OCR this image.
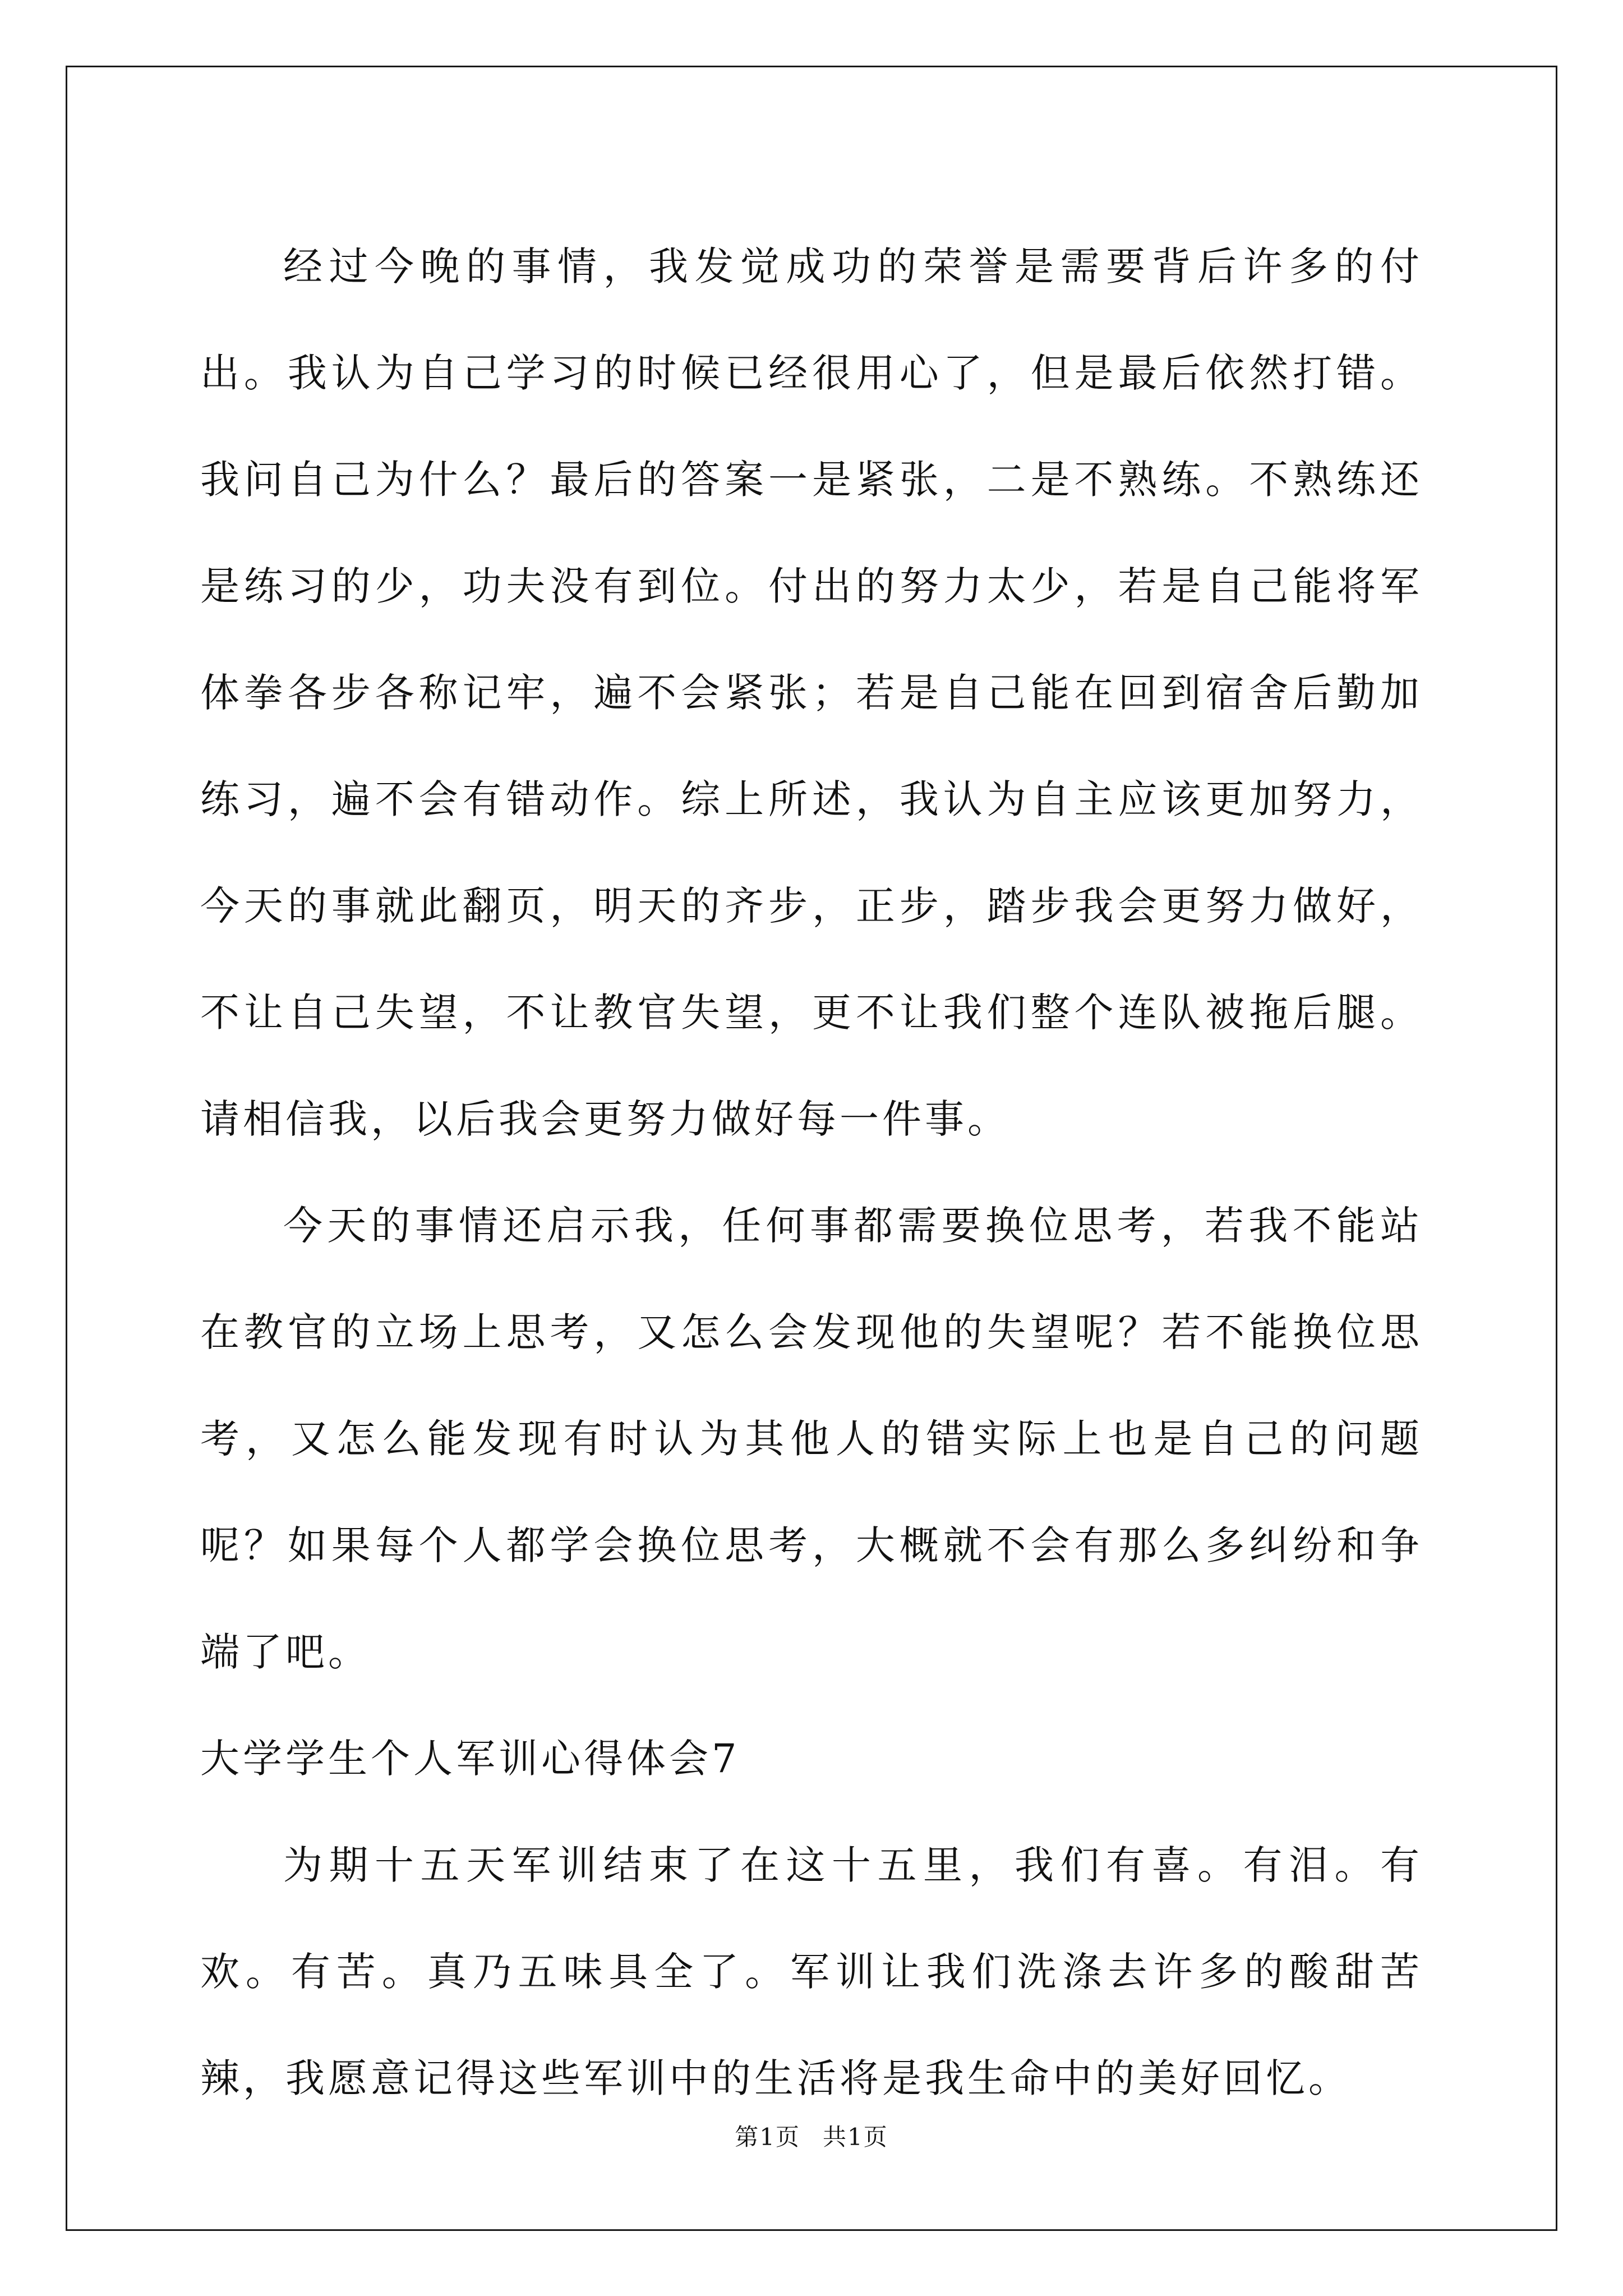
经过今晚的事情，我发觉成功的荣誉是需要背后许多的付出。我认为自己学习的时候已经很用心了，但是最后依然打错。我问自己为什么？最后的答案一是紧张，二是不熟练。不熟练还是练习的少，功夫没有到位。付出的努力太少，若是自己能将军体拳各步各称记牢，遍不会紧张；若是自己能在回到宿舍后勤加练习，遍不会有错动作。综上所述，我认为自主应该更加努力，今天的事就此翻页，明天的齐步，正步，踏步我会更努力做好，不让自己失望，不让教官失望，更不让我们整个连队被拖后腿。请相信我，以后我会更努力做好每一件事。

今天的事情还启示我，任何事都需要换位思考，若我不能站在教官的立场上思考，又怎么会发现他的失望呢？若不能换位思考，又怎么能发现有时认为其他人的错实际上也是自己的问题呢？如果每个人都学会换位思考，大概就不会有那么多纠纷和争端了吧。

大学学生个人军训心得体会7

为期十五天军训结束了在这十五里，我们有喜。有泪。有欢。有苦。真乃五味具全了。军训让我们洗涤去许多的酸甜苦辣，我愿意记得这些军训中的生活将是我生命中的美好回忆。

第1页 共1页
